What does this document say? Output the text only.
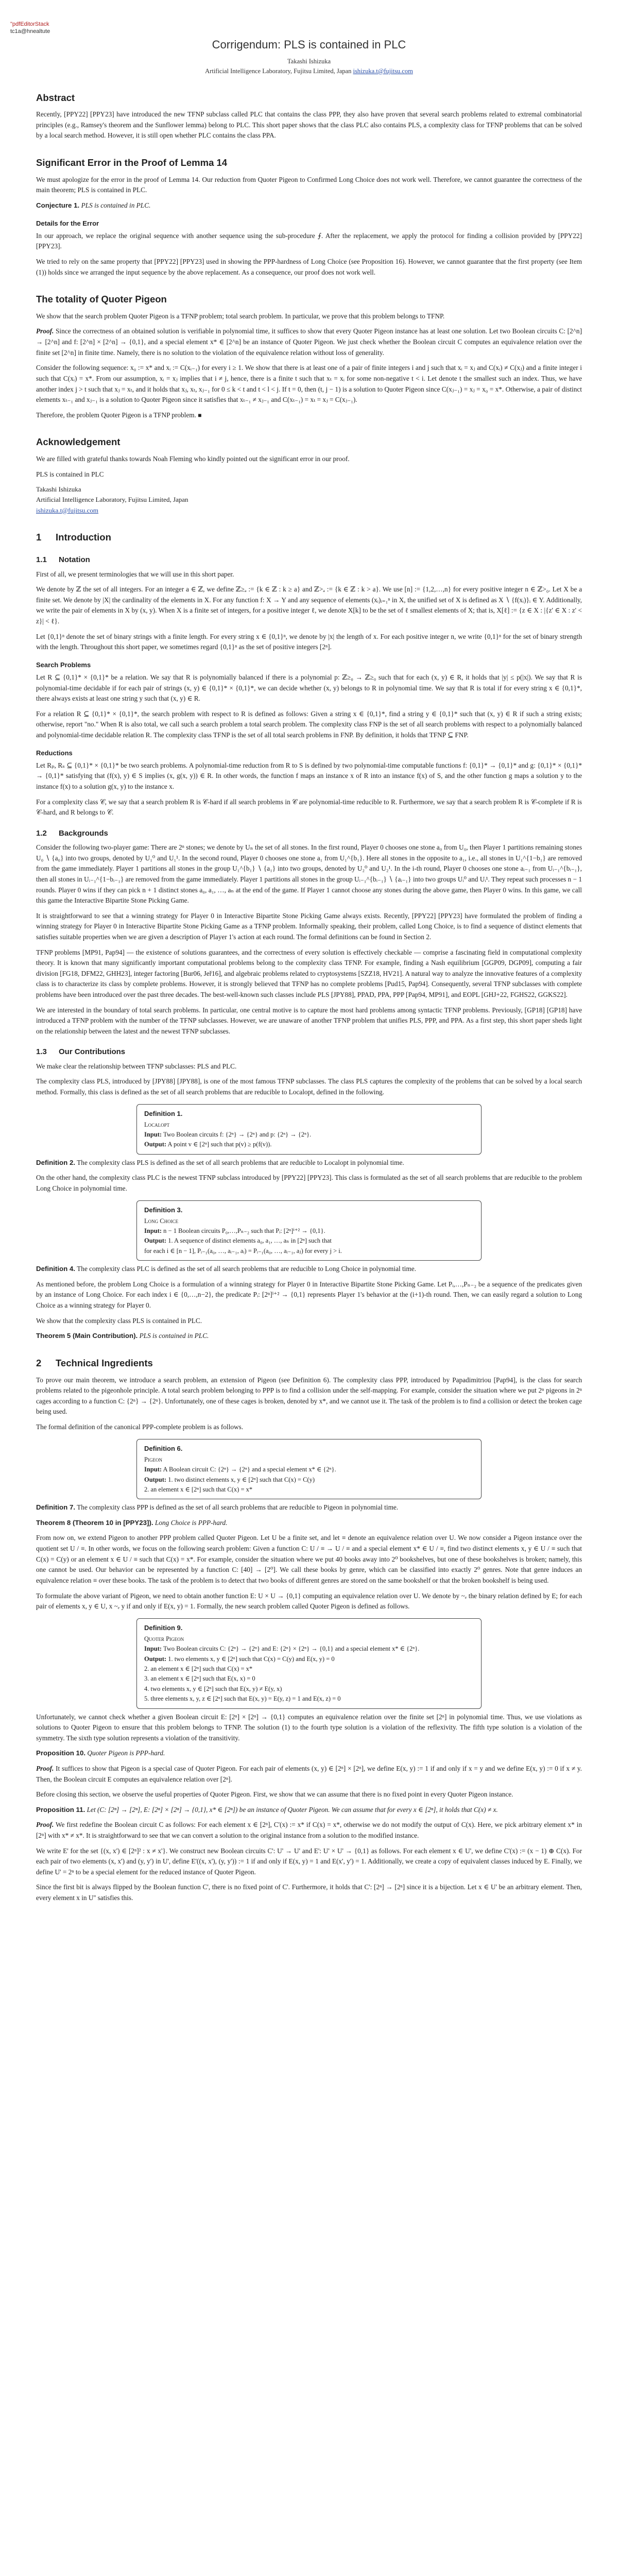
"pdfEditorStack
tc1a@hnealtute
Corrigendum: PLS is contained in PLC
Takashi Ishizuka
Artificial Intelligence Laboratory, Fujitsu Limited, Japan ishizuka.t@fujitsu.com
Abstract

Recently, [PPY22] [PPY23] have introduced the new TFNP subclass called PLC that contains the class PPP, they also have proven that several search problems related to extremal combinatorial principles (e.g., Ramsey's theorem and the Sunflower lemma) belong to PLC. This short paper shows that the class PLC also contains PLS, a complexity class for TFNP problems that can be solved by a local search method. However, it is still open whether PLC contains the class PPA.

Significant Error in the Proof of Lemma 14

We must apologize for the error in the proof of Lemma 14. Our reduction from Quoter Pigeon to Confirmed Long Choice does not work well. Therefore, we cannot guarantee the correctness of the main theorem; PLS is contained in PLC.

Conjecture 1. PLS is contained in PLC.

Details for the Error

In our approach, we replace the original sequence with another sequence using the sub-procedure ⨍. After the replacement, we apply the protocol for finding a collision provided by [PPY22] [PPY23].

We tried to rely on the same property that [PPY22] [PPY23] used in showing the PPP-hardness of Long Choice (see Proposition 16). However, we cannot guarantee that the first property (see Item (1)) holds since we arranged the input sequence by the above replacement. As a consequence, our proof does not work well.

The totality of Quoter Pigeon

We show that the search problem Quoter Pigeon is a TFNP problem; total search problem. In particular, we prove that this problem belongs to TFNP.

Proof. Since the correctness of an obtained solution is verifiable in polynomial time, it suffices to show that every Quoter Pigeon instance has at least one solution. Let two Boolean circuits C: [2^n] → [2^n] and f: [2^n] × [2^n] → {0,1}, and a special element x* ∈ [2^n] be an instance of Quoter Pigeon. We just check whether the Boolean circuit C computes an equivalence relation over the finite set [2^n] in finite time. Namely, there is no solution to the violation of the equivalence relation without loss of generality.

Consider the following sequence: x₀ := x* and xᵢ := C(xᵢ₋₁) for every i ≥ 1. We show that there is at least one of a pair of finite integers i and j such that xᵢ = xⱼ and C(xᵢ) ≠ C(xⱼ) and a finite integer i such that C(xᵢ) = x*. From our assumption, xᵢ = xⱼ implies that i ≠ j, hence, there is a finite t such that xₜ = xᵢ for some non-negative t < i. Let denote t the smallest such an index. Thus, we have another index j > t such that xⱼ = xₜ, and it holds that xⱼ, xₜ, xⱼ₋₁ for 0 ≤ k < t and t < l < j. If t = 0, then (t, j − 1) is a solution to Quoter Pigeon since C(xⱼ₋₁) = xⱼ = x₀ = x*. Otherwise, a pair of distinct elements xₜ₋₁ and xⱼ₋₁ is a solution to Quoter Pigeon since it satisfies that xₜ₋₁ ≠ xⱼ₋₁ and C(xₜ₋₁) = xₜ = xⱼ = C(xⱼ₋₁).

Therefore, the problem Quoter Pigeon is a TFNP problem. ■

Acknowledgement

We are filled with grateful thanks towards Noah Fleming who kindly pointed out the significant error in our proof.

PLS is contained in PLC

Takashi Ishizuka
Artificial Intelligence Laboratory, Fujitsu Limited, Japan
ishizuka.t@fujitsu.com
1 Introduction
1.1 Notation

First of all, we present terminologies that we will use in this short paper.

We denote by ℤ the set of all integers. For an integer a ∈ ℤ, we define ℤ≥ₐ := {k ∈ ℤ : k ≥ a} and ℤ>ₐ := {k ∈ ℤ : k > a}. We use [n] := {1,2,…,n} for every positive integer n ∈ ℤ>₀. Let X be a finite set. We denote by |X| the cardinality of the elements in X. For any function f: X → Y and any sequence of elements (xᵢ)ᵢ₌₁ⁿ in X, the unified set of X is defined as X ∖ {f(xᵢ)}ᵢ ∈ Y. Additionally, we write the pair of elements in X by (x, y). When X is a finite set of integers, for a positive integer ℓ, we denote X[k] to be the set of ℓ smallest elements of X; that is, X[ℓ] := {z ∈ X : |{z' ∈ X : z' < z}| < ℓ}.

Let {0,1}ⁿ denote the set of binary strings with a finite length. For every string x ∈ {0,1}ⁿ, we denote by |x| the length of x. For each positive integer n, we write {0,1}ⁿ for the set of binary strength with the length. Throughout this short paper, we sometimes regard {0,1}ⁿ as the set of positive integers [2ⁿ].

Search Problems

Let R ⊆ {0,1}* × {0,1}* be a relation. We say that R is polynomially balanced if there is a polynomial p: ℤ≥₀ → ℤ≥₀ such that for each (x, y) ∈ R, it holds that |y| ≤ p(|x|). We say that R is polynomial-time decidable if for each pair of strings (x, y) ∈ {0,1}* × {0,1}*, we can decide whether (x, y) belongs to R in polynomial time. We say that R is total if for every string x ∈ {0,1}*, there always exists at least one string y such that (x, y) ∈ R.

For a relation R ⊆ {0,1}* × {0,1}*, the search problem with respect to R is defined as follows: Given a string x ∈ {0,1}*, find a string y ∈ {0,1}* such that (x, y) ∈ R if such a string exists; otherwise, report "no." When R is also total, we call such a search problem a total search problem. The complexity class FNP is the set of all search problems with respect to a polynomially balanced and polynomial-time decidable relation R. The complexity class TFNP is the set of all total search problems in FNP. By definition, it holds that TFNP ⊆ FNP.

Reductions

Let Rₚ, Rₛ ⊆ {0,1}* × {0,1}* be two search problems. A polynomial-time reduction from R to S is defined by two polynomial-time computable functions f: {0,1}* → {0,1}* and g: {0,1}* × {0,1}* → {0,1}* satisfying that (f(x), y) ∈ S implies (x, g(x, y)) ∈ R. In other words, the function f maps an instance x of R into an instance f(x) of S, and the other function g maps a solution y to the instance f(x) to a solution g(x, y) to the instance x.

For a complexity class 𝒞, we say that a search problem R is 𝒞-hard if all search problems in 𝒞 are polynomial-time reducible to R. Furthermore, we say that a search problem R is 𝒞-complete if R is 𝒞-hard, and R belongs to 𝒞.

1.2 Backgrounds

Consider the following two-player game: There are 2ⁿ stones; we denote by Uₙ the set of all stones. In the first round, Player 0 chooses one stone a₀ from U₀, then Player 1 partitions remaining stones U₀ ∖ {a₀} into two groups, denoted by U₁⁰ and U₁¹. In the second round, Player 0 chooses one stone a₁ from U₁^{b₁}. Here all stones in the opposite to a₁, i.e., all stones in U₁^{1−b₁} are removed from the game immediately. Player 1 partitions all stones in the group U₁^{b₁} ∖ {a₁} into two groups, denoted by U₂⁰ and U₂¹. In the i-th round, Player 0 chooses one stone aᵢ₋₁ from Uᵢ₋₁^{bᵢ₋₁}, then all stones in Uᵢ₋₁^{1−bᵢ₋₁} are removed from the game immediately. Player 1 partitions all stones in the group Uᵢ₋₁^{bᵢ₋₁} ∖ {aᵢ₋₁} into two groups Uᵢ⁰ and Uᵢ¹. They repeat such processes n − 1 rounds. Player 0 wins if they can pick n + 1 distinct stones a₀, a₁, …, aₙ at the end of the game. If Player 1 cannot choose any stones during the above game, then Player 0 wins. In this game, we call this game the Interactive Bipartite Stone Picking Game.

It is straightforward to see that a winning strategy for Player 0 in Interactive Bipartite Stone Picking Game always exists. Recently, [PPY22] [PPY23] have formulated the problem of finding a winning strategy for Player 0 in Interactive Bipartite Stone Picking Game as a TFNP problem. Informally speaking, their problem, called Long Choice, is to find a sequence of distinct elements that satisfies suitable properties when we are given a description of Player 1's action at each round. The formal definitions can be found in Section 2.

TFNP problems [MP91, Pap94] — the existence of solutions guarantees, and the correctness of every solution is effectively checkable — comprise a fascinating field in computational complexity theory. It is known that many significantly important computational problems belong to the complexity class TFNP. For example, finding a Nash equilibrium [GGP09, DGP09], computing a fair division [FG18, DFM22, GHH23], integer factoring [Bur06, Jeř16], and algebraic problems related to cryptosystems [SZZ18, HV21]. A natural way to analyze the innovative features of a complexity class is to characterize its class by complete problems. However, it is strongly believed that TFNP has no complete problems [Pud15, Pap94]. Consequently, several TFNP subclasses with complete problems have been introduced over the past three decades. The best-well-known such classes include PLS [JPY88], PPAD, PPA, PPP [Pap94, MP91], and EOPL [GHJ+22, FGHS22, GGKS22].

We are interested in the boundary of total search problems. In particular, one central motive is to capture the most hard problems among syntactic TFNP problems. Previously, [GP18] [GP18] have introduced a TFNP problem with the number of the TFNP subclasses. However, we are unaware of another TFNP problem that unifies PLS, PPP, and PPA. As a first step, this short paper sheds light on the relationship between the latest and the newest TFNP subclasses.

1.3 Our Contributions

We make clear the relationship between TFNP subclasses: PLS and PLC.

The complexity class PLS, introduced by [JPY88] [JPY88], is one of the most famous TFNP subclasses. The class PLS captures the complexity of the problems that can be solved by a local search method. Formally, this class is defined as the set of all search problems that are reducible to Localopt, defined in the following.

Definition 1.
Localopt

Input: Two Boolean circuits f: {2ⁿ} → {2ⁿ} and p: {2ⁿ} → {2ⁿ}.

Output: A point v ∈ [2ⁿ] such that p(v) ≥ p(f(v)).

Definition 2. The complexity class PLS is defined as the set of all search problems that are reducible to Localopt in polynomial time.

On the other hand, the complexity class PLC is the newest TFNP subclass introduced by [PPY22] [PPY23]. This class is formulated as the set of all search problems that are reducible to the problem Long Choice in polynomial time.

Definition 3.
Long Choice

Input: n − 1 Boolean circuits P₀,…,Pₙ₋₂ such that Pᵢ: [2ⁿ]ⁱ⁺² → {0,1}.

Output: 1. A sequence of distinct elements a₀, a₁, …, aₙ in [2ⁿ] such that

for each i ∈ [n − 1], Pᵢ₋₁(a₀, …, aᵢ₋₁, aᵢ) = Pᵢ₋₁(a₀, …, aᵢ₋₁, aⱼ) for every j > i.

Definition 4. The complexity class PLC is defined as the set of all search problems that are reducible to Long Choice in polynomial time.

As mentioned before, the problem Long Choice is a formulation of a winning strategy for Player 0 in Interactive Bipartite Stone Picking Game. Let Pᵢ,…,Pₙ₋₂ be a sequence of the predicates given by an instance of Long Choice. For each index i ∈ {0,…,n−2}, the predicate Pᵢ: [2ⁿ]ⁱ⁺² → {0,1} represents Player 1's behavior at the (i+1)-th round. Then, we can easily regard a solution to Long Choice as a winning strategy for Player 0.

We show that the complexity class PLS is contained in PLC.

Theorem 5 (Main Contribution). PLS is contained in PLC.

2 Technical Ingredients

To prove our main theorem, we introduce a search problem, an extension of Pigeon (see Definition 6). The complexity class PPP, introduced by Papadimitriou [Pap94], is the class for search problems related to the pigeonhole principle. A total search problem belonging to PPP is to find a collision under the self-mapping. For example, consider the situation where we put 2ⁿ pigeons in 2ⁿ cages according to a function C: {2ⁿ} → {2ⁿ}. Unfortunately, one of these cages is broken, denoted by x*, and we cannot use it. The task of the problem is to find a collision or detect the broken cage being used.

The formal definition of the canonical PPP-complete problem is as follows.

Definition 6.
Pigeon

Input: A Boolean circuit C: {2ⁿ} → {2ⁿ} and a special element x* ∈ {2ⁿ}.

Output: 1. two distinct elements x, y ∈ [2ⁿ] such that C(x) = C(y)

2. an element x ∈ [2ⁿ] such that C(x) = x*

Definition 7. The complexity class PPP is defined as the set of all search problems that are reducible to Pigeon in polynomial time.

Theorem 8 (Theorem 10 in [PPY23]). Long Choice is PPP-hard.

From now on, we extend Pigeon to another PPP problem called Quoter Pigeon. Let U be a finite set, and let ≡ denote an equivalence relation over U. We now consider a Pigeon instance over the quotient set U / ≡. In other words, we focus on the following search problem: Given a function C: U / ≡ → U / ≡ and a special element x* ∈ U / ≡, find two distinct elements x, y ∈ U / ≡ such that C(x) = C(y) or an element x ∈ U / ≡ such that C(x) = x*. For example, consider the situation where we put 40 books away into 2⁰ bookshelves, but one of these bookshelves is broken; namely, this one cannot be used. Our behavior can be represented by a function C: [40] → [2⁰]. We call these books by genre, which can be classified into exactly 2⁰ genres. Note that genre induces an equivalence relation ≡ over these books. The task of the problem is to detect that two books of different genres are stored on the same bookshelf or that the broken bookshelf is being used.

To formulate the above variant of Pigeon, we need to obtain another function E: U × U → {0,1} computing an equivalence relation over U. We denote by ~ₑ the binary relation defined by E; for each pair of elements x, y ∈ U, x ~ₑ y if and only if E(x, y) = 1. Formally, the new search problem called Quoter Pigeon is defined as follows.

Definition 9.
Quoter Pigeon

Input: Two Boolean circuits C: {2ⁿ} → {2ⁿ} and E: {2ⁿ} × {2ⁿ} → {0,1} and a special element x* ∈ {2ⁿ}.

Output: 1. two elements x, y ∈ [2ⁿ] such that C(x) = C(y) and E(x, y) = 0

2. an element x ∈ [2ⁿ] such that C(x) = x*

3. an element x ∈ [2ⁿ] such that E(x, x) = 0

4. two elements x, y ∈ [2ⁿ] such that E(x, y) ≠ E(y, x)

5. three elements x, y, z ∈ [2ⁿ] such that E(x, y) = E(y, z) = 1 and E(x, z) = 0

Unfortunately, we cannot check whether a given Boolean circuit E: [2ⁿ] × [2ⁿ] → {0,1} computes an equivalence relation over the finite set [2ⁿ] in polynomial time. Thus, we use violations as solutions to Quoter Pigeon to ensure that this problem belongs to TFNP. The solution (1) to the fourth type solution is a violation of the reflexivity. The fifth type solution is a violation of the symmetry. The sixth type solution represents a violation of the transitivity.

Proposition 10. Quoter Pigeon is PPP-hard.

Proof. It suffices to show that Pigeon is a special case of Quoter Pigeon. For each pair of elements (x, y) ∈ [2ⁿ] × [2ⁿ], we define E(x, y) := 1 if and only if x = y and we define E(x, y) := 0 if x ≠ y. Then, the Boolean circuit E computes an equivalence relation over [2ⁿ].

Before closing this section, we observe the useful properties of Quoter Pigeon. First, we show that we can assume that there is no fixed point in every Quoter Pigeon instance.

Proposition 11. Let (C: [2ⁿ] → [2ⁿ], E: [2ⁿ] × [2ⁿ] → {0,1}, x* ∈ [2ⁿ]) be an instance of Quoter Pigeon. We can assume that for every x ∈ [2ⁿ], it holds that C(x) ≠ x.

Proof. We first redefine the Boolean circuit C as follows: For each element x ∈ [2ⁿ], C'(x) := x* if C(x) = x*, otherwise we do not modify the output of C(x). Here, we pick arbitrary element x* in [2ⁿ] with x* ≠ x*. It is straightforward to see that we can convert a solution to the original instance from a solution to the modified instance.

We write E' for the set {(x, x') ∈ [2ⁿ]² : x ≠ x'}. We construct new Boolean circuits C': U' → U' and E': U' × U' → {0,1} as follows. For each element x ∈ U', we define C'(x) := (x − 1) ⊕ C(x). For each pair of two elements (x, x') and (y, y') in U', define E'((x, x'), (y, y')) := 1 if and only if E(x, y) = 1 and E(x', y') = 1. Additionally, we create a copy of equivalent classes induced by E. Finally, we define U' = 2ⁿ to be a special element for the reduced instance of Quoter Pigeon.

Since the first bit is always flipped by the Boolean function C', there is no fixed point of C'. Furthermore, it holds that C': [2ⁿ] → [2ⁿ] since it is a bijection. Let x ∈ U' be an arbitrary element. Then, every element x in U'' satisfies this.
